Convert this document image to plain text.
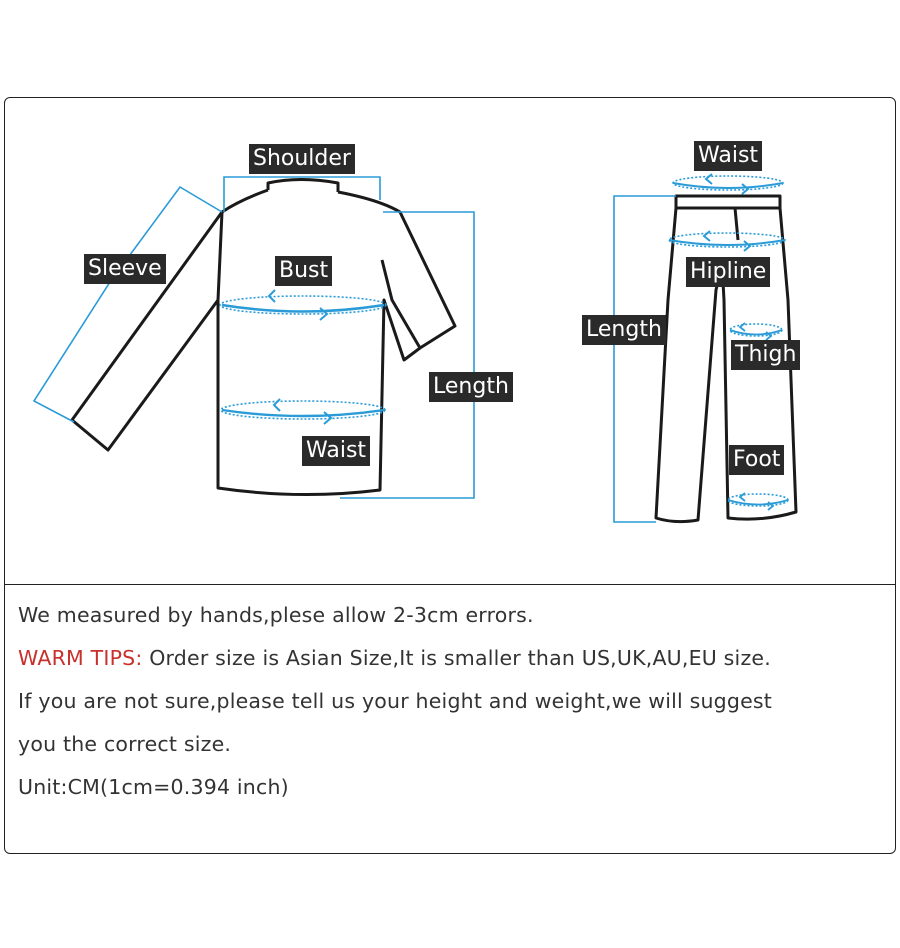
Shoulder
Sleeve	Bust
Length
Waist
Waist
Hipline
Length
Thigh
Foot
We measured by hands,plese allow 2-3cm errors.
WARM TIPS: Order size is Asian Size,It is smaller than US,UK,AU,EU size.
If you are not sure,please tell us your height and weight,we will suggest
you the correct size.
Unit:CM(1cm=0.394 inch)
